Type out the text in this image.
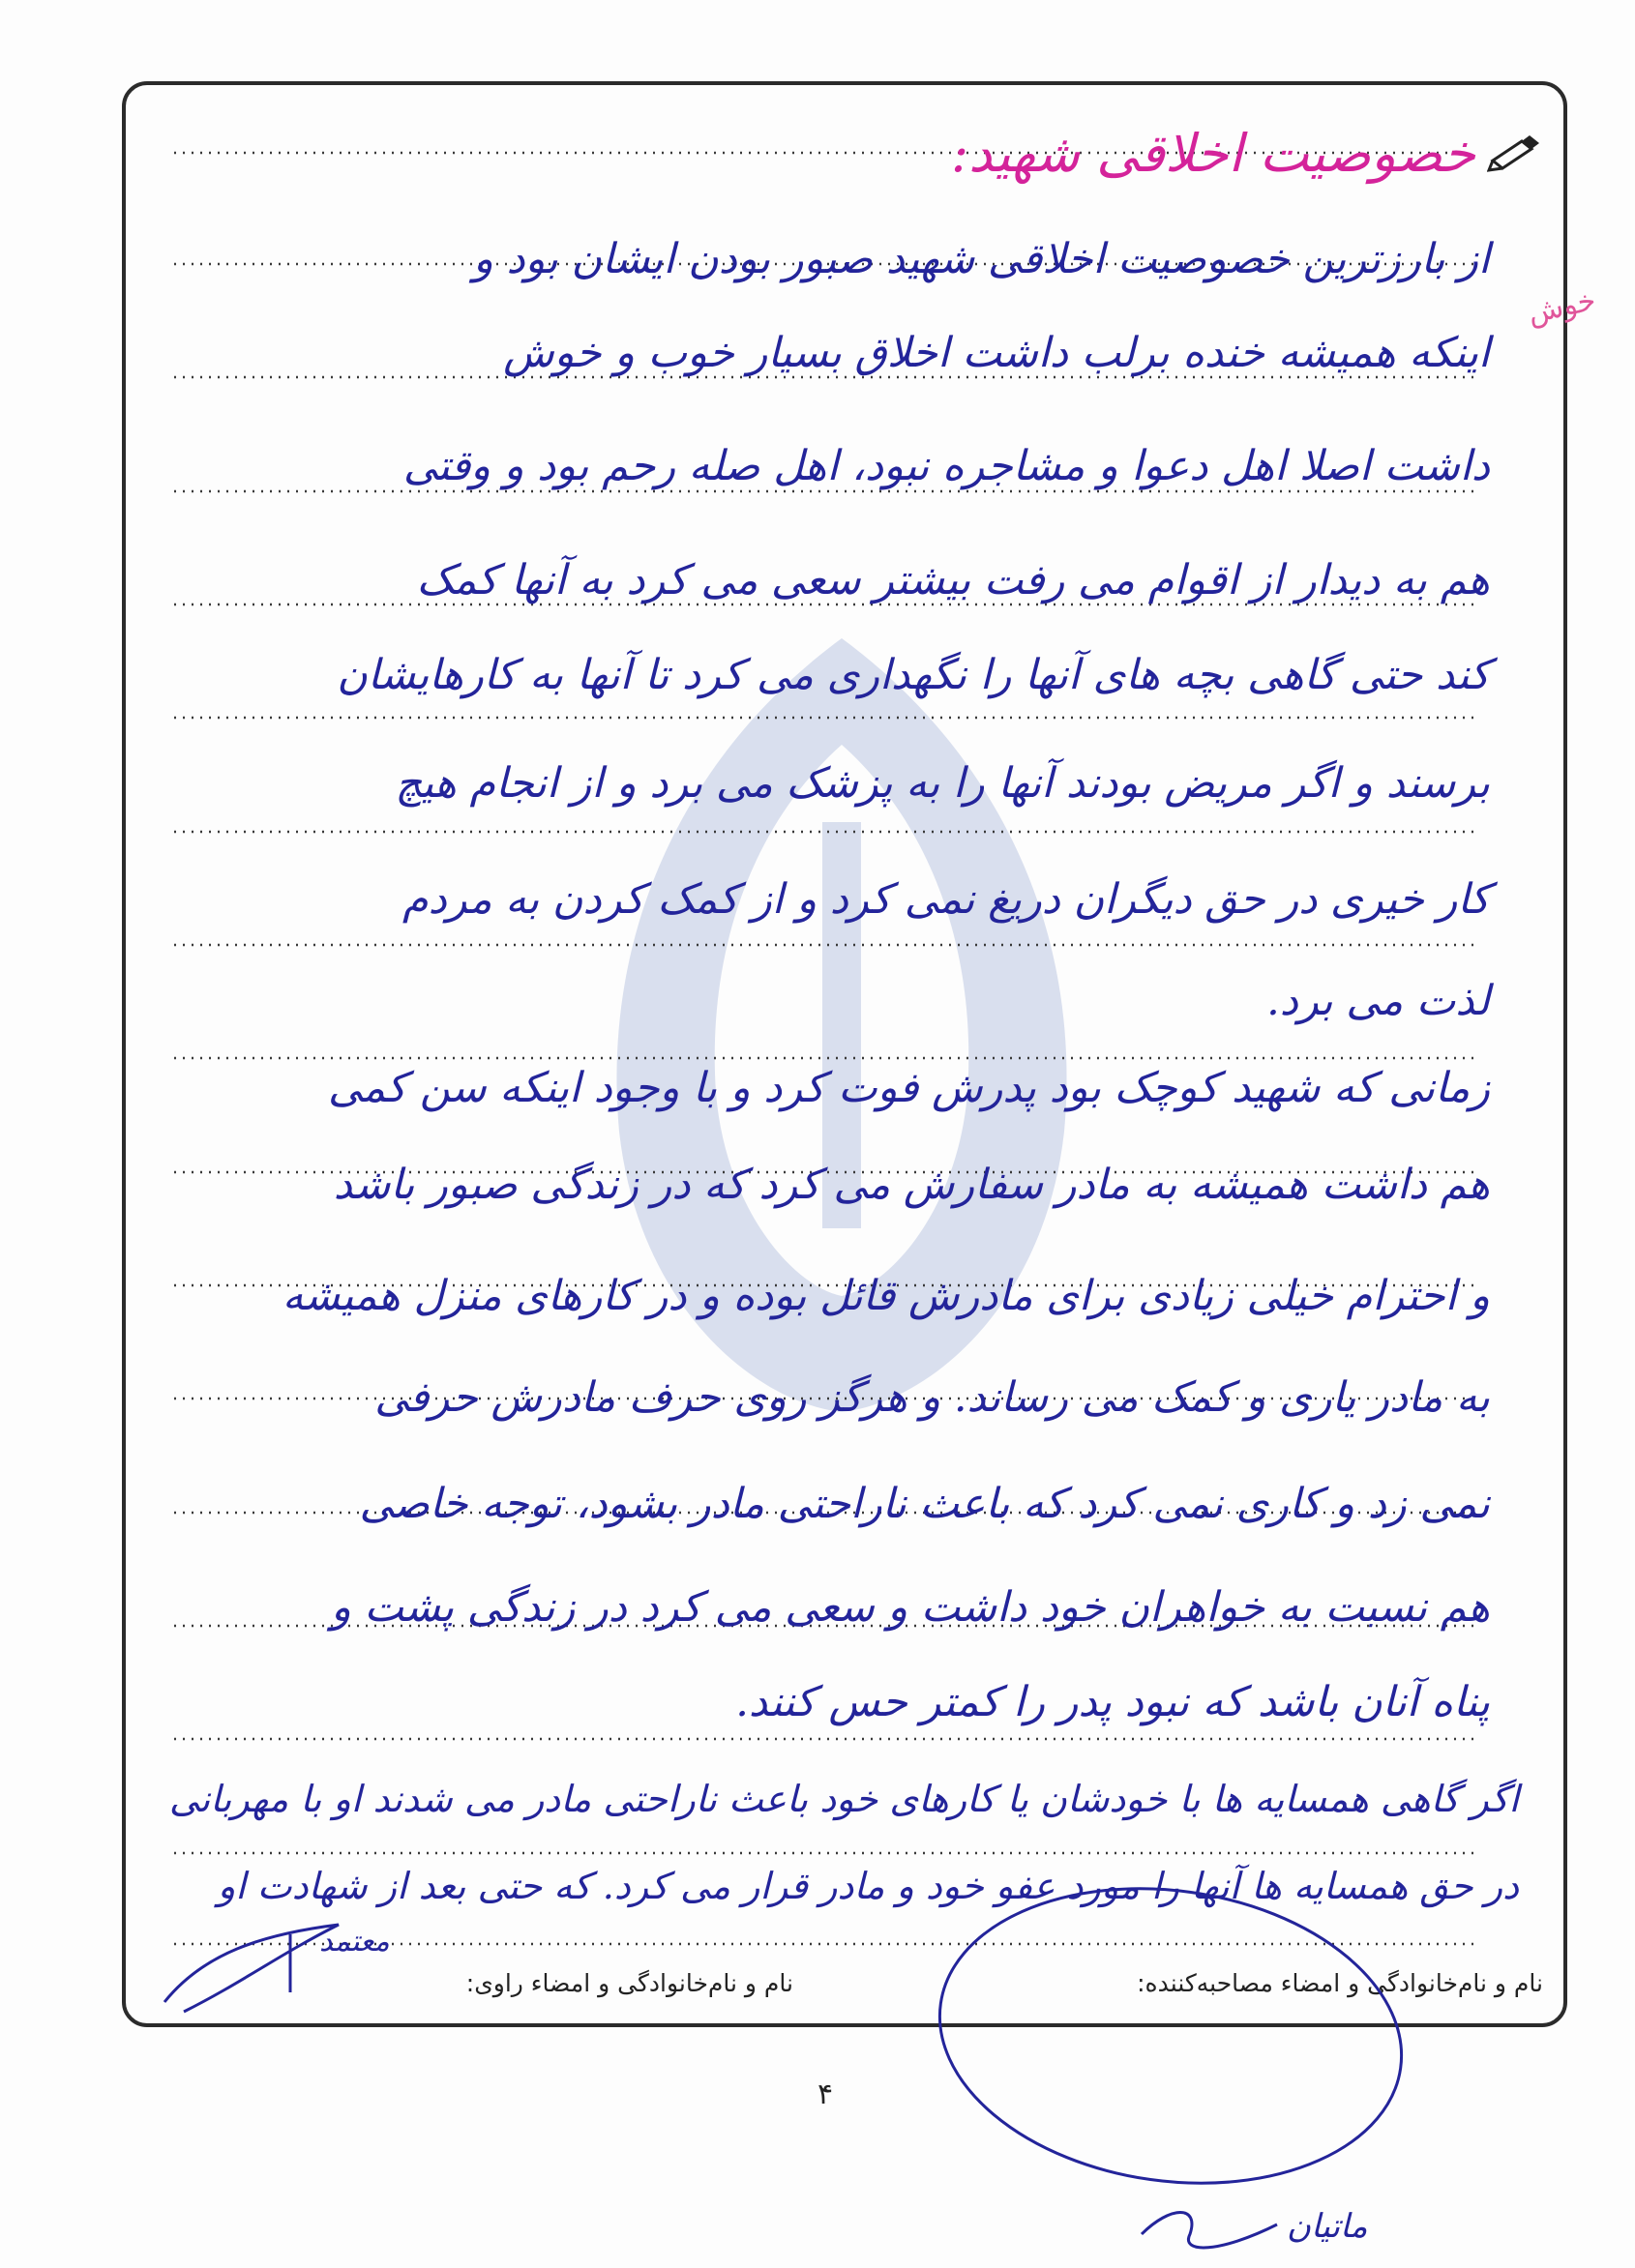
خصوصیت اخلاقی شهید:
خوش
از بارزترین خصوصیت اخلاقی شهید صبور بودن ایشان بود و
اینکه همیشه خنده برلب داشت اخلاق بسیار خوب و خوش
داشت اصلا اهل دعوا و مشاجره نبود، اهل صله رحم بود و وقتی
هم به دیدار از اقوام می رفت بیشتر سعی می کرد به آنها کمک
کند حتی گاهی بچه های آنها را نگهداری می کرد تا آنها به کارهایشان
برسند و اگر مریض بودند آنها را به پزشک می برد و از انجام هیچ
کار خیری در حق دیگران دریغ نمی کرد و از کمک کردن به مردم
لذت می برد.
زمانی که شهید کوچک بود پدرش فوت کرد و با وجود اینکه سن کمی
هم داشت همیشه به مادر سفارش می کرد که در زندگی صبور باشد
و احترام خیلی زیادی برای مادرش قائل بوده و در کارهای منزل همیشه
به مادر یاری و کمک می رساند. و هرگز روی حرف مادرش حرفی
نمی زد و کاری نمی کرد که باعث ناراحتی مادر بشود، توجه خاصی
هم نسبت به خواهران خود داشت و سعی می کرد در زندگی پشت و
پناه آنان باشد که نبود پدر را کمتر حس کنند.
اگر گاهی همسایه ها با خودشان یا کارهای خود باعث ناراحتی مادر می شدند او با مهربانی
در حق همسایه ها آنها را مورد عفو خود و مادر قرار می کرد. که حتی بعد از شهادت او
نام و نام‌خانوادگی و امضاء مصاحبه‌کننده:
نام و نام‌خانوادگی و امضاء راوی:
معتمد
ماتیان
۴
